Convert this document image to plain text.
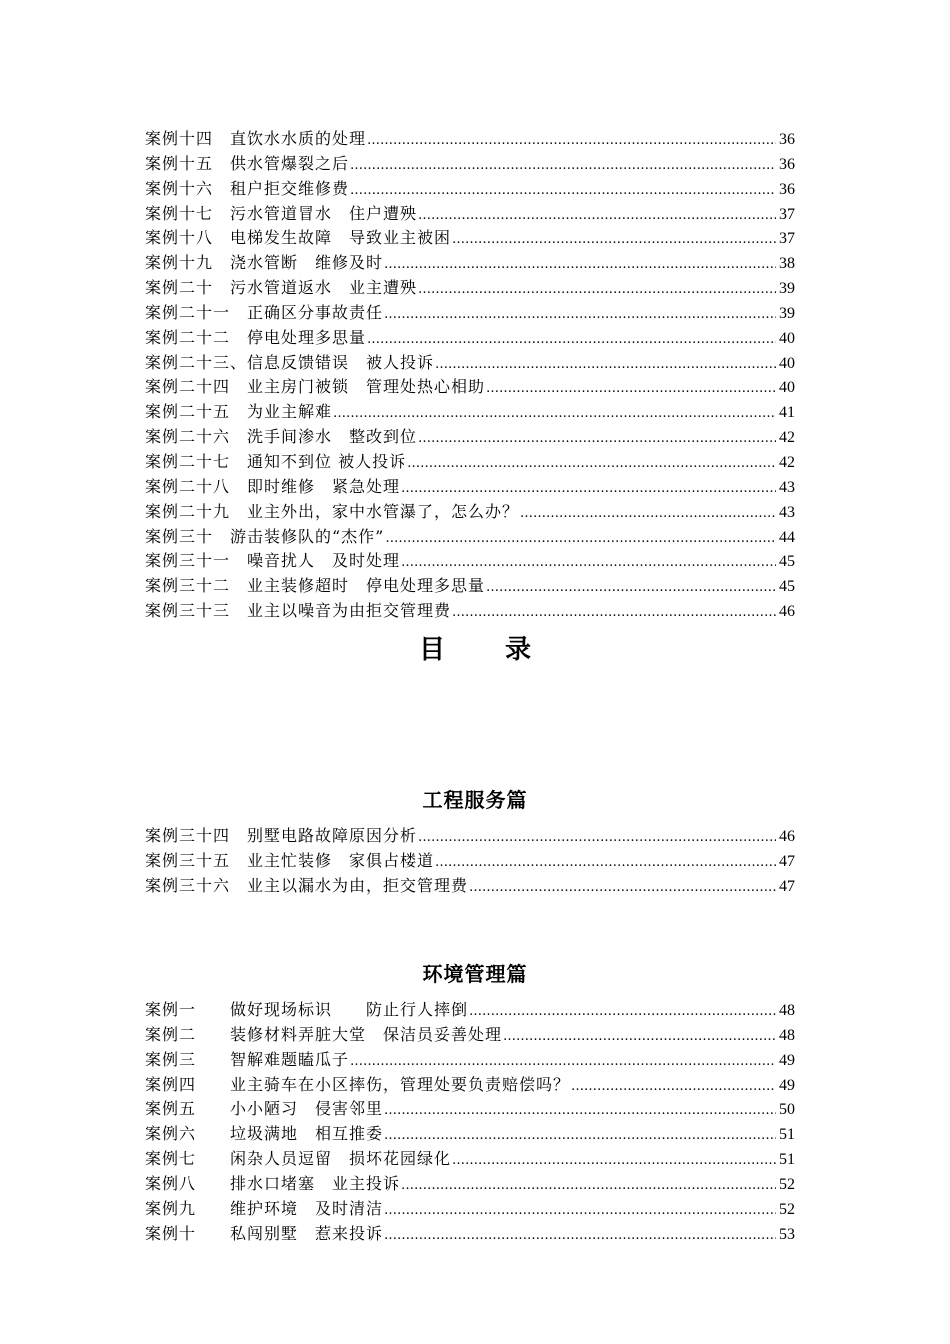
案例十四　直饮水水质的处理 …………………………………………………………………………………………………………………………………………………………………………	36
案例十五　供水管爆裂之后 …………………………………………………………………………………………………………………………………………………………………………	36
案例十六　租户拒交维修费 …………………………………………………………………………………………………………………………………………………………………………	36
案例十七　污水管道冒水　住户遭殃 …………………………………………………………………………………………………………………………………………………………………………	37
案例十八　电梯发生故障　导致业主被困 …………………………………………………………………………………………………………………………………………………………………………	37
案例十九　浇水管断　维修及时 …………………………………………………………………………………………………………………………………………………………………………	38
案例二十　污水管道返水　业主遭殃 …………………………………………………………………………………………………………………………………………………………………………	39
案例二十一　正确区分事故责任 …………………………………………………………………………………………………………………………………………………………………………	39
案例二十二　停电处理多思量 …………………………………………………………………………………………………………………………………………………………………………	40
案例二十三、信息反馈错误　被人投诉 …………………………………………………………………………………………………………………………………………………………………………	40
案例二十四　业主房门被锁　管理处热心相助 …………………………………………………………………………………………………………………………………………………………………………	40
案例二十五　为业主解难 …………………………………………………………………………………………………………………………………………………………………………	41
案例二十六　洗手间渗水　整改到位 …………………………………………………………………………………………………………………………………………………………………………	42
案例二十七　通知不到位 被人投诉 …………………………………………………………………………………………………………………………………………………………………………	42
案例二十八　即时维修　紧急处理 …………………………………………………………………………………………………………………………………………………………………………	43
案例二十九　业主外出，家中水管瀑了，怎么办？ …………………………………………………………………………………………………………………………………………………………………………	43
案例三十　游击装修队的“杰作” …………………………………………………………………………………………………………………………………………………………………………	44
案例三十一　噪音扰人　及时处理 …………………………………………………………………………………………………………………………………………………………………………	45
案例三十二　业主装修超时　停电处理多思量 …………………………………………………………………………………………………………………………………………………………………………	45
案例三十三　业主以噪音为由拒交管理费 …………………………………………………………………………………………………………………………………………………………………………	46
目录
工程服务篇
案例三十四　别墅电路故障原因分析 …………………………………………………………………………………………………………………………………………………………………………	46
案例三十五　业主忙装修　家俱占楼道 …………………………………………………………………………………………………………………………………………………………………………	47
案例三十六　业主以漏水为由，拒交管理费 …………………………………………………………………………………………………………………………………………………………………………	47
环境管理篇
案例一　　做好现场标识　　防止行人摔倒 …………………………………………………………………………………………………………………………………………………………………………	48
案例二　　装修材料弄脏大堂　保洁员妥善处理 …………………………………………………………………………………………………………………………………………………………………………	48
案例三　　智解难题瞌瓜子 …………………………………………………………………………………………………………………………………………………………………………	49
案例四　　业主骑车在小区摔伤，管理处要负责赔偿吗？ …………………………………………………………………………………………………………………………………………………………………………	49
案例五　　小小陋习　侵害邻里 …………………………………………………………………………………………………………………………………………………………………………	50
案例六　　垃圾满地　相互推委 …………………………………………………………………………………………………………………………………………………………………………	51
案例七　　闲杂人员逗留　损坏花园绿化 …………………………………………………………………………………………………………………………………………………………………………	51
案例八　　排水口堵塞　业主投诉 …………………………………………………………………………………………………………………………………………………………………………	52
案例九　　维护环境　及时清洁 …………………………………………………………………………………………………………………………………………………………………………	52
案例十　　私闯别墅　惹来投诉 …………………………………………………………………………………………………………………………………………………………………………	53
